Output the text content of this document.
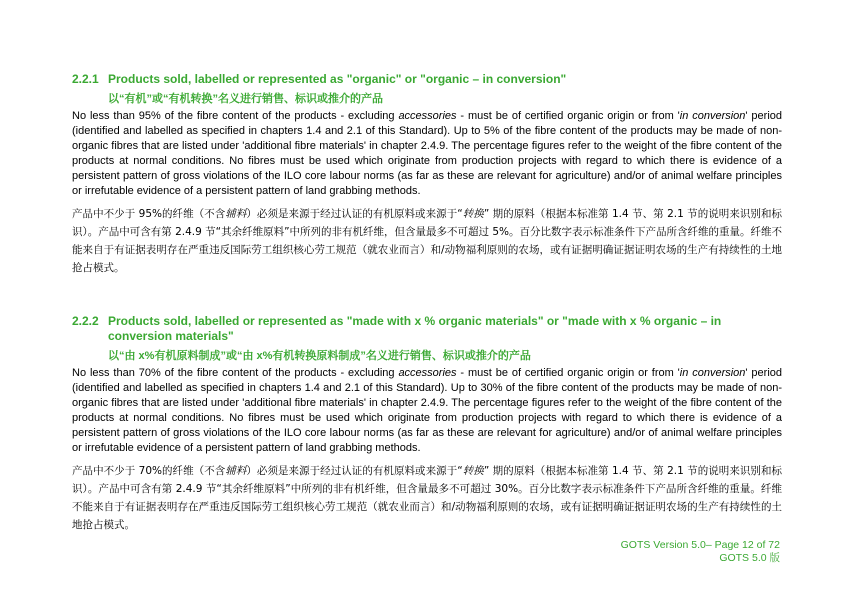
2.2.1 Products sold, labelled or represented as "organic" or "organic – in conversion"
以“有机”或“有机转换”名义进行销售、标识或推介的产品

No less than 95% of the fibre content of the products - excluding accessories - must be of certified organic origin or from 'in conversion' period (identified and labelled as specified in chapters 1.4 and 2.1 of this Standard). Up to 5% of the fibre content of the products may be made of non-organic fibres that are listed under 'additional fibre materials' in chapter 2.4.9. The percentage figures refer to the weight of the fibre content of the products at normal conditions. No fibres must be used which originate from production projects with regard to which there is evidence of a persistent pattern of gross violations of the ILO core labour norms (as far as these are relevant for agriculture) and/or of animal welfare principles or irrefutable evidence of a persistent pattern of land grabbing methods.

产品中不少于 95%的纤维（不含辅料）必须是来源于经过认证的有机原料或来源于“转换” 期的原料（根据本标准第 1.4 节、第 2.1 节的说明来识别和标识）。产品中可含有第 2.4.9 节“其余纤维原料”中所列的非有机纤维，但含量最多不可超过 5%。百分比数字表示标准条件下产品所含纤维的重量。纤维不能来自于有证据表明存在严重违反国际劳工组织核心劳工规范（就农业而言）和/动物福利原则的农场，或有证据明确证据证明农场的生产有持续性的土地抢占模式。

2.2.2 Products sold, labelled or represented as "made with x % organic materials" or "made with x % organic – in conversion materials"
以“由 x%有机原料制成”或“由 x%有机转换原料制成”名义进行销售、标识或推介的产品

No less than 70% of the fibre content of the products - excluding accessories - must be of certified organic origin or from 'in conversion' period (identified and labelled as specified in chapters 1.4 and 2.1 of this Standard). Up to 30% of the fibre content of the products may be made of non-organic fibres that are listed under 'additional fibre materials' in chapter 2.4.9. The percentage figures refer to the weight of the fibre content of the products at normal conditions. No fibres must be used which originate from production projects with regard to which there is evidence of a persistent pattern of gross violations of the ILO core labour norms (as far as these are relevant for agriculture) and/or of animal welfare principles or irrefutable evidence of a persistent pattern of land grabbing methods.

产品中不少于 70%的纤维（不含辅料）必须是来源于经过认证的有机原料或来源于“转换” 期的原料（根据本标准第 1.4 节、第 2.1 节的说明来识别和标识）。产品中可含有第 2.4.9 节“其余纤维原料”中所列的非有机纤维，但含量最多不可超过 30%。百分比数字表示标准条件下产品所含纤维的重量。纤维不能来自于有证据表明存在严重违反国际劳工组织核心劳工规范（就农业而言）和/动物福利原则的农场，或有证据明确证据证明农场的生产有持续性的土地抢占模式。

GOTS Version 5.0– Page 12 of 72
GOTS 5.0 版
